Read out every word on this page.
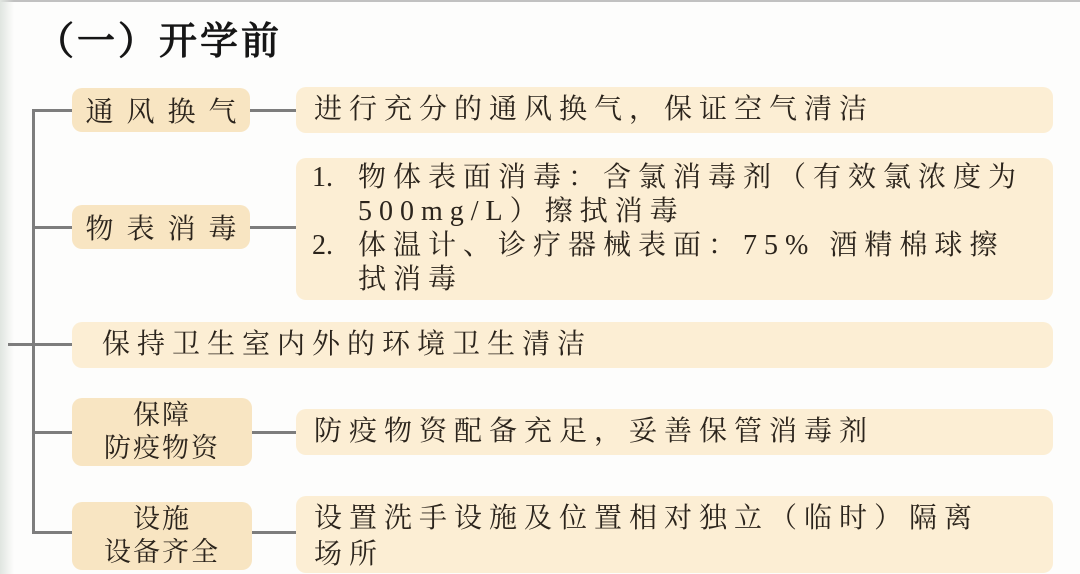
（一）开学前
通风换气 进行充分的通风换气，保证空气清洁
物表消毒
1. 物体表面消毒：含氯消毒剂（有效氯浓度为500mg/L）擦拭消毒
2. 体温计、诊疗器械表面：75% 酒精棉球擦拭消毒
保持卫生室内外的环境卫生清洁
保障
防疫物资
防疫物资配备充足，妥善保管消毒剂
设施
设备齐全
设置洗手设施及位置相对独立（临时）隔离场所
